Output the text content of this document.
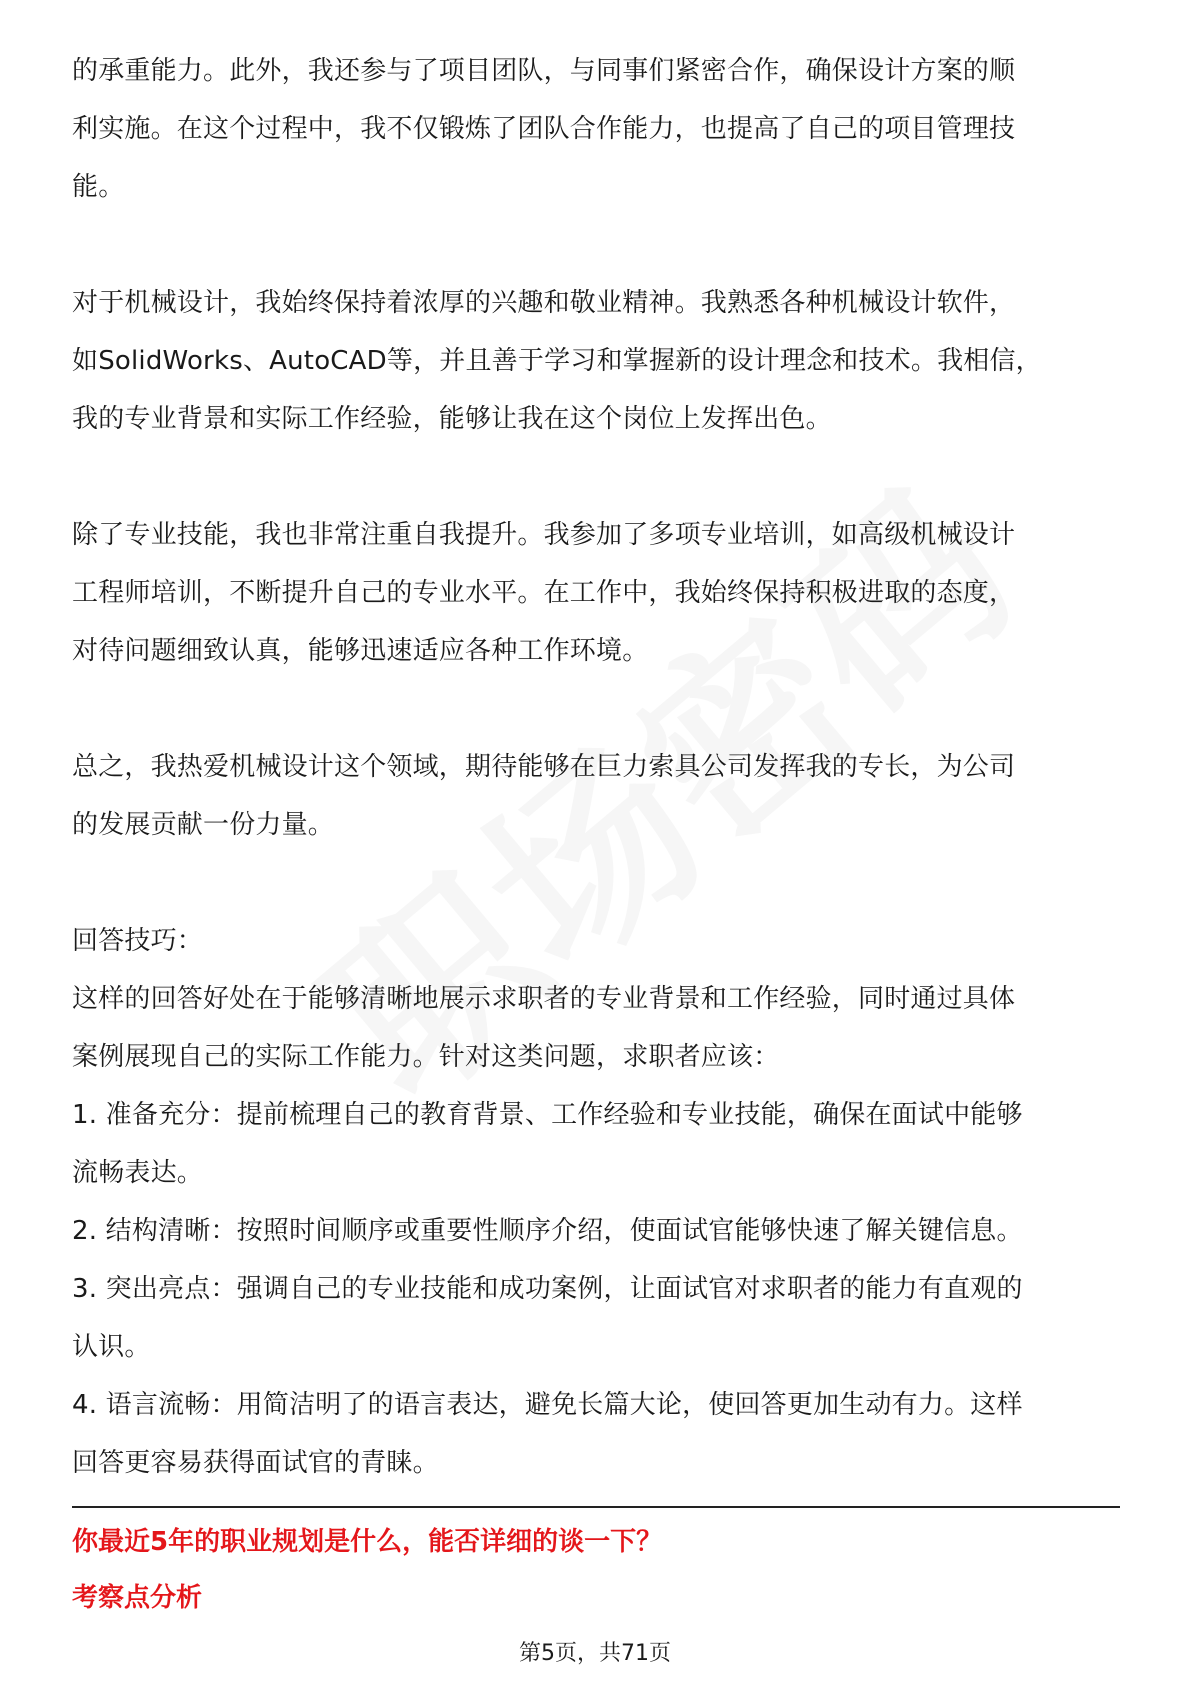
的承重能力。此外，我还参与了项目团队，与同事们紧密合作，确保设计方案的顺
利实施。在这个过程中，我不仅锻炼了团队合作能力，也提高了自己的项目管理技
能。
对于机械设计，我始终保持着浓厚的兴趣和敬业精神。我熟悉各种机械设计软件，
如SolidWorks、AutoCAD等，并且善于学习和掌握新的设计理念和技术。我相信，
我的专业背景和实际工作经验，能够让我在这个岗位上发挥出色。
除了专业技能，我也非常注重自我提升。我参加了多项专业培训，如高级机械设计
工程师培训，不断提升自己的专业水平。在工作中，我始终保持积极进取的态度，
对待问题细致认真，能够迅速适应各种工作环境。
总之，我热爱机械设计这个领域，期待能够在巨力索具公司发挥我的专长，为公司
的发展贡献一份力量。
回答技巧：
这样的回答好处在于能够清晰地展示求职者的专业背景和工作经验，同时通过具体
案例展现自己的实际工作能力。针对这类问题，求职者应该：
1. 准备充分：提前梳理自己的教育背景、工作经验和专业技能，确保在面试中能够
流畅表达。
2. 结构清晰：按照时间顺序或重要性顺序介绍，使面试官能够快速了解关键信息。
3. 突出亮点：强调自己的专业技能和成功案例，让面试官对求职者的能力有直观的
认识。
4. 语言流畅：用简洁明了的语言表达，避免长篇大论，使回答更加生动有力。这样
回答更容易获得面试官的青睐。
你最近5年的职业规划是什么，能否详细的谈一下？
考察点分析
第5页，共71页
